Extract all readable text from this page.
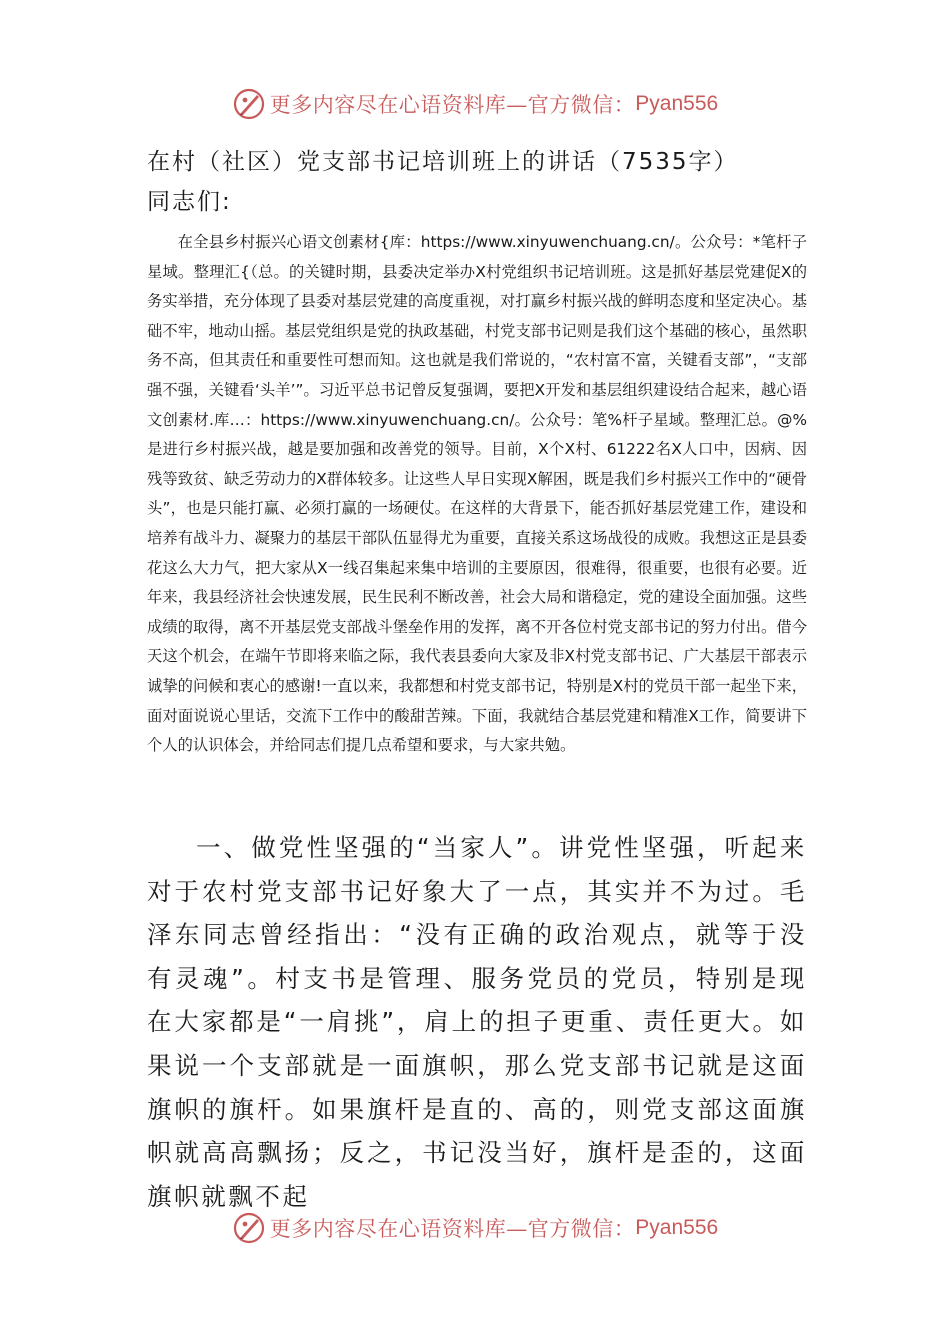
更多内容尽在心语资料库—官方微信： Pyan556
在村（社区）党支部书记培训班上的讲话（7535字）

同志们:

在全县乡村振兴心语文创素材{库：https://www.xinyuwenchuang.cn/。公众号：*笔杆子星域。整理汇{（总。的关键时期，县委决定举办X村党组织书记培训班。这是抓好基层党建促X的务实举措，充分体现了县委对基层党建的高度重视，对打赢乡村振兴战的鲜明态度和坚定决心。基础不牢，地动山摇。基层党组织是党的执政基础，村党支部书记则是我们这个基础的核心，虽然职务不高，但其责任和重要性可想而知。这也就是我们常说的，“农村富不富，关键看支部”，“支部强不强，关键看‘头羊’”。习近平总书记曾反复强调，要把X开发和基层组织建设结合起来，越心语文创素材.库…：https://www.xinyuwenchuang.cn/。公众号：笔%杆子星域。整理汇总。@%是进行乡村振兴战，越是要加强和改善党的领导。目前，X个X村、61222名X人口中，因病、因残等致贫、缺乏劳动力的X群体较多。让这些人早日实现X解困，既是我们乡村振兴工作中的“硬骨头”，也是只能打赢、必须打赢的一场硬仗。在这样的大背景下，能否抓好基层党建工作，建设和培养有战斗力、凝聚力的基层干部队伍显得尤为重要，直接关系这场战役的成败。我想这正是县委花这么大力气，把大家从X一线召集起来集中培训的主要原因，很难得，很重要，也很有必要。近年来，我县经济社会快速发展，民生民利不断改善，社会大局和谐稳定，党的建设全面加强。这些成绩的取得，离不开基层党支部战斗堡垒作用的发挥，离不开各位村党支部书记的努力付出。借今天这个机会，在端午节即将来临之际，我代表县委向大家及非X村党支部书记、广大基层干部表示诚挚的问候和衷心的感谢!一直以来，我都想和村党支部书记，特别是X村的党员干部一起坐下来，面对面说说心里话，交流下工作中的酸甜苦辣。下面，我就结合基层党建和精准X工作，简要讲下个人的认识体会，并给同志们提几点希望和要求，与大家共勉。

一、做党性坚强的“当家人”。讲党性坚强，听起来对于农村党支部书记好象大了一点，其实并不为过。毛泽东同志曾经指出：“没有正确的政治观点，就等于没有灵魂”。村支书是管理、服务党员的党员，特别是现在大家都是“一肩挑”，肩上的担子更重、责任更大。如果说一个支部就是一面旗帜，那么党支部书记就是这面旗帜的旗杆。如果旗杆是直的、高的，则党支部这面旗帜就高高飘扬；反之，书记没当好，旗杆是歪的，这面旗帜就飘不起

更多内容尽在心语资料库—官方微信： Pyan556
